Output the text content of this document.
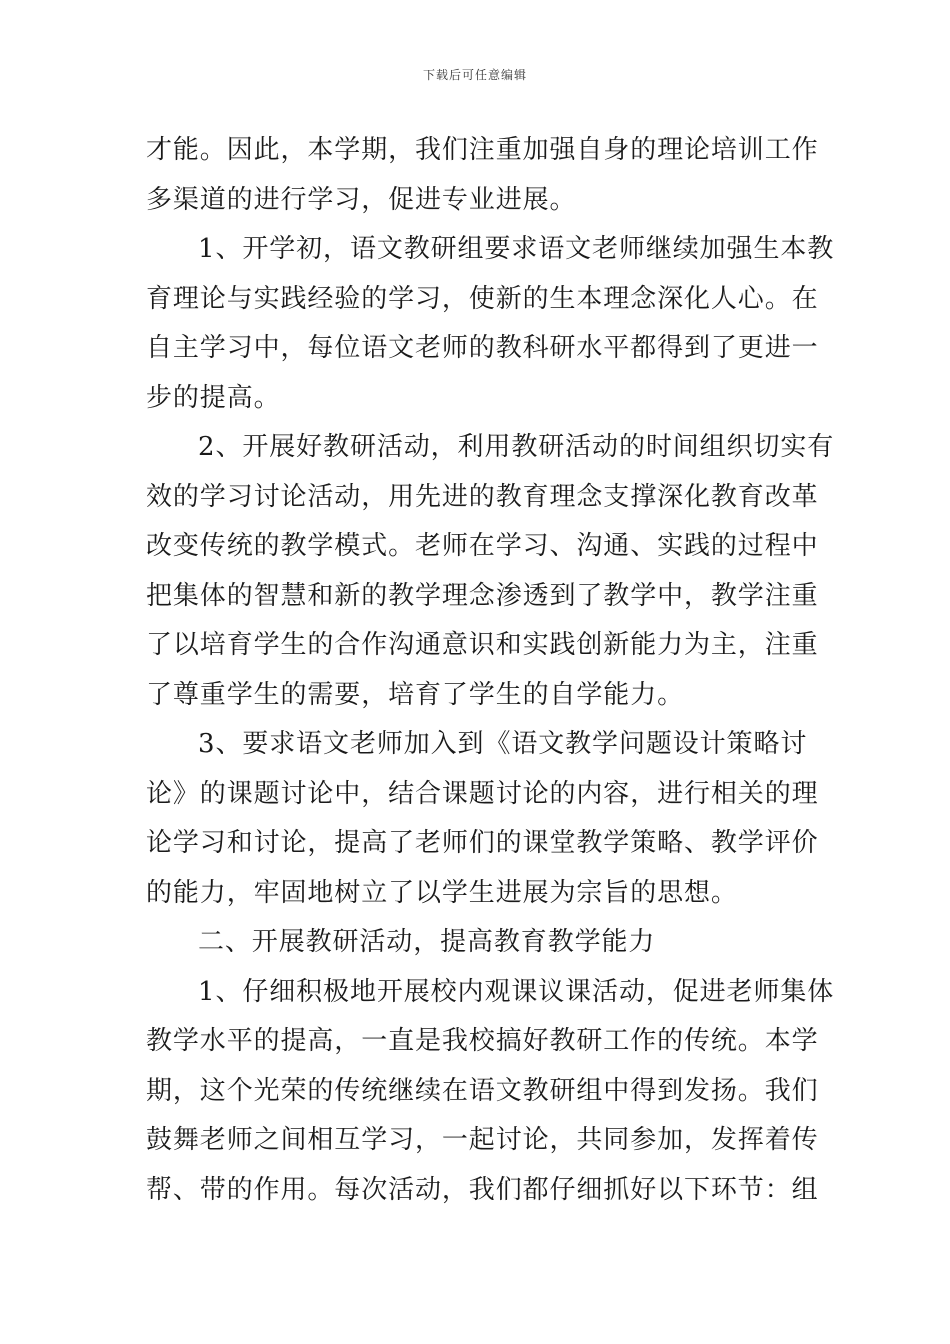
下载后可任意编辑
才能。因此，本学期，我们注重加强自身的理论培训工作
多渠道的进行学习，促进专业进展。
1、开学初，语文教研组要求语文老师继续加强生本教
育理论与实践经验的学习，使新的生本理念深化人心。在
自主学习中，每位语文老师的教科研水平都得到了更进一
步的提高。
2、开展好教研活动，利用教研活动的时间组织切实有
效的学习讨论活动，用先进的教育理念支撑深化教育改革
改变传统的教学模式。老师在学习、沟通、实践的过程中
把集体的智慧和新的教学理念渗透到了教学中，教学注重
了以培育学生的合作沟通意识和实践创新能力为主，注重
了尊重学生的需要，培育了学生的自学能力。
3、要求语文老师加入到《语文教学问题设计策略讨
论》的课题讨论中，结合课题讨论的内容，进行相关的理
论学习和讨论，提高了老师们的课堂教学策略、教学评价
的能力，牢固地树立了以学生进展为宗旨的思想。
二、开展教研活动，提高教育教学能力
1、仔细积极地开展校内观课议课活动，促进老师集体
教学水平的提高，一直是我校搞好教研工作的传统。本学
期，这个光荣的传统继续在语文教研组中得到发扬。我们
鼓舞老师之间相互学习，一起讨论，共同参加，发挥着传
帮、带的作用。每次活动，我们都仔细抓好以下环节：组
